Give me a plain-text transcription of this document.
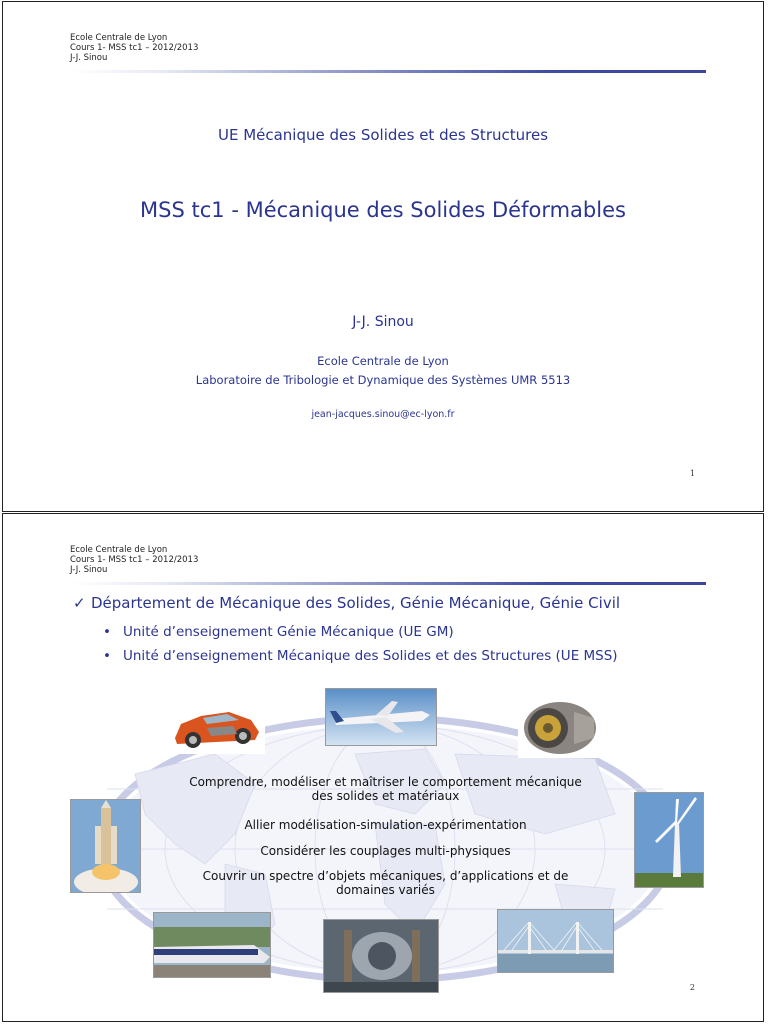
Ecole Centrale de Lyon
Cours 1- MSS tc1 – 2012/2013
J-J. Sinou
UE Mécanique des Solides et des Structures
MSS tc1 - Mécanique des Solides Déformables
J-J. Sinou
Ecole Centrale de Lyon
Laboratoire de Tribologie et Dynamique des Systèmes UMR 5513
jean-jacques.sinou@ec-lyon.fr
1
Ecole Centrale de Lyon
Cours 1- MSS tc1 – 2012/2013
J-J. Sinou
✓ Département de Mécanique des Solides, Génie Mécanique, Génie Civil
• Unité d’enseignement Génie Mécanique (UE GM)
• Unité d’enseignement Mécanique des Solides et des Structures (UE MSS)
Comprendre, modéliser et maîtriser le comportement mécanique
des solides et matériaux
Allier modélisation-simulation-expérimentation
Considérer les couplages multi-physiques
Couvrir un spectre d’objets mécaniques, d’applications et de
domaines variés
2
